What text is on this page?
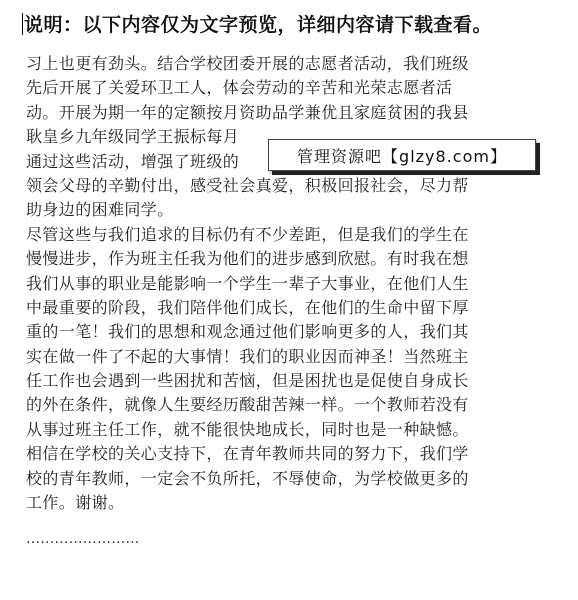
说明：以下内容仅为文字预览，详细内容请下载查看。
习上也更有劲头。结合学校团委开展的志愿者活动，我们班级
先后开展了关爱环卫工人，体会劳动的辛苦和光荣志愿者活
动。开展为期一年的定额按月资助品学兼优且家庭贫困的我县
耿皇乡九年级同学王振标每月
通过这些活动，增强了班级的
领会父母的辛勤付出，感受社会真爱，积极回报社会，尽力帮
助身边的困难同学。
尽管这些与我们追求的目标仍有不少差距，但是我们的学生在
慢慢进步，作为班主任我为他们的进步感到欣慰。有时我在想
我们从事的职业是能影响一个学生一辈子大事业，在他们人生
中最重要的阶段，我们陪伴他们成长，在他们的生命中留下厚
重的一笔！我们的思想和观念通过他们影响更多的人，我们其
实在做一件了不起的大事情！我们的职业因而神圣！当然班主
任工作也会遇到一些困扰和苦恼，但是困扰也是促使自身成长
的外在条件，就像人生要经历酸甜苦辣一样。一个教师若没有
从事过班主任工作，就不能很快地成长，同时也是一种缺憾。
相信在学校的关心支持下，在青年教师共同的努力下，我们学
校的青年教师，一定会不负所托，不辱使命，为学校做更多的
工作。谢谢。
……………………
管理资源吧【glzy8.com】
